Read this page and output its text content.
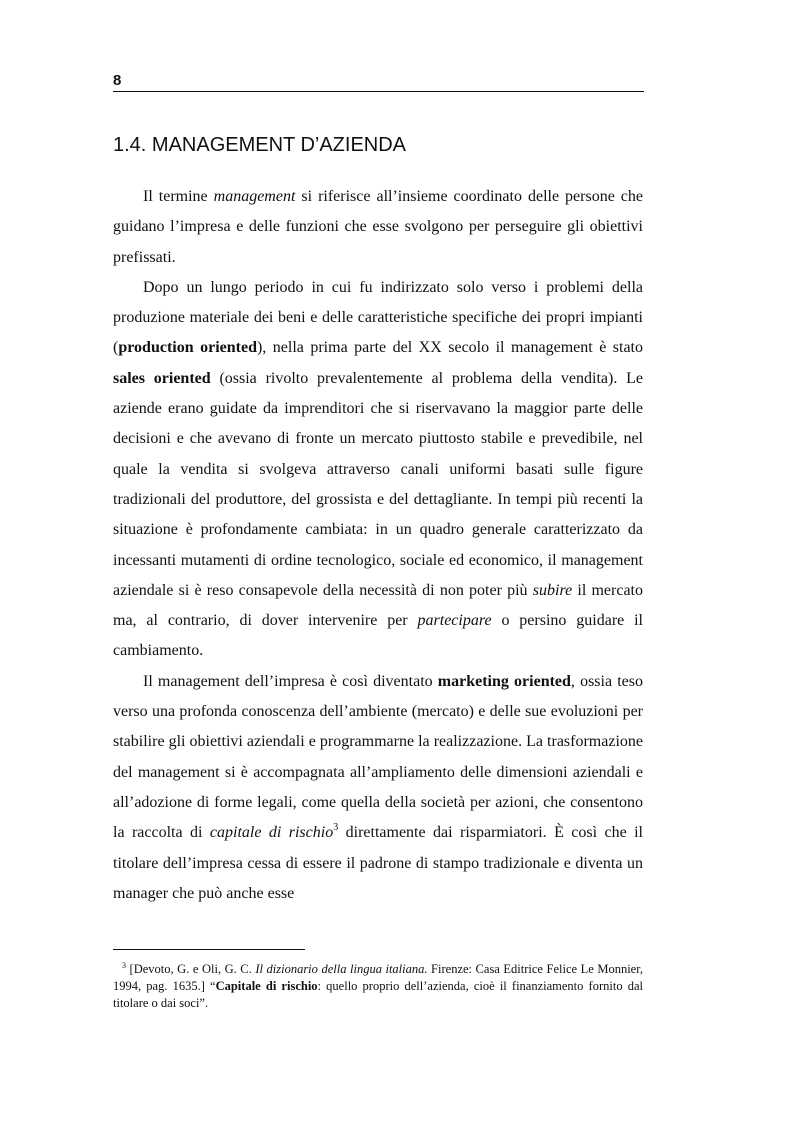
8
1.4. MANAGEMENT D’AZIENDA

Il termine management si riferisce all’insieme coordinato delle persone che guidano l’impresa e delle funzioni che esse svolgono per perseguire gli obiettivi prefissati.

Dopo un lungo periodo in cui fu indirizzato solo verso i problemi della produzione materiale dei beni e delle caratteristiche specifiche dei propri impianti (production oriented), nella prima parte del XX secolo il management è stato sales oriented (ossia rivolto prevalentemente al problema della vendita). Le aziende erano guidate da imprenditori che si riservavano la maggior parte delle decisioni e che avevano di fronte un mercato piuttosto stabile e prevedibile, nel quale la vendita si svolgeva attraverso canali uniformi basati sulle figure tradizionali del produttore, del grossista e del dettagliante. In tempi più recenti la situazione è profondamente cambiata: in un quadro generale caratterizzato da incessanti mutamenti di ordine tecnologico, sociale ed economico, il management aziendale si è reso consapevole della necessità di non poter più subire il mercato ma, al contrario, di dover intervenire per partecipare o persino guidare il cambiamento.

Il management dell’impresa è così diventato marketing oriented, ossia teso verso una profonda conoscenza dell’ambiente (mercato) e delle sue evoluzioni per stabilire gli obiettivi aziendali e programmarne la realizzazione. La trasformazione del management si è accompagnata all’ampliamento delle dimensioni aziendali e all’adozione di forme legali, come quella della società per azioni, che consentono la raccolta di capitale di rischio$^3$ direttamente dai risparmiatori. È così che il titolare dell’impresa cessa di essere il padrone di stampo tradizionale e diventa un manager che può anche esse

$^3$ [Devoto, G. e Oli, G. C. Il dizionario della lingua italiana. Firenze: Casa Editrice Felice Le Monnier, 1994, pag. 1635.] “Capitale di rischio: quello proprio dell’azienda, cioè il finanziamento fornito dal titolare o dai soci”.
